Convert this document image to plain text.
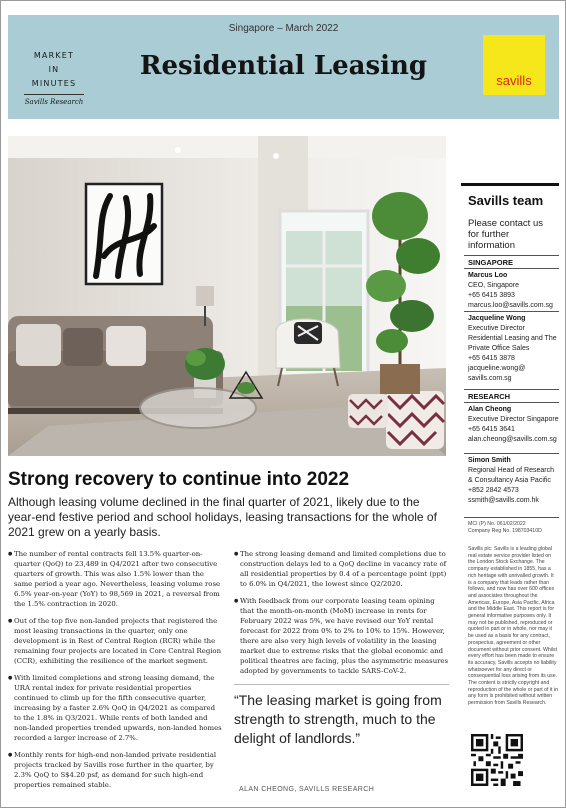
Singapore – March 2022
MARKET
IN
MINUTES
Savills Research
Residential Leasing	savills
Savills team
Please contact us for further information
SINGAPORE
Marcus Loo
CEO, Singapore
+65 6415 3893
marcus.loo@savills.com.sg
Jacqueline Wong
Executive Director Residential Leasing and The Private Office Sales
+65 6415 3878
jacqueline.wong@ savills.com.sg
RESEARCH
Alan Cheong
Executive Director Singapore
+65 6415 3641
alan.cheong@savills.com.sg
Simon Smith
Regional Head of Research & Consultancy Asia Pacific
+852 2842 4573
ssmith@savills.com.hk
MCI (P) No. 061/02/2022
Company Reg No. 198703410D
Savills plc: Savills is a leading global real estate service provider listed on the London Stock Exchange. The company established in 1855, has a rich heritage with unrivalled growth. It is a company that leads rather than follows, and now has over 600 offices and associates throughout the Americas, Europe, Asia Pacific, Africa and the Middle East. This report is for general informative purposes only. It may not be published, reproduced or quoted in part or in whole, nor may it be used as a basis for any contract, prospectus, agreement or other document without prior consent. Whilst every effort has been made to ensure its accuracy, Savills accepts no liability whatsoever for any direct or consequential loss arising from its use. The content is strictly copyright and reproduction of the whole or part of it in any form is prohibited without written permission from Savills Research.
Strong recovery to continue into 2022
Although leasing volume declined in the final quarter of 2021, likely due to the year-end festive period and school holidays, leasing transactions for the whole of 2021 grew on a yearly basis.

● The number of rental contracts fell 13.5% quarter-on-quarter (QoQ) to 23,489 in Q4/2021 after two consecutive quarters of growth. This was also 1.5% lower than the same period a year ago. Nevertheless, leasing volume rose 6.5% year-on-year (YoY) to 98,569 in 2021, a reversal from the 1.5% contraction in 2020.

● Out of the top five non-landed projects that registered the most leasing transactions in the quarter, only one development is in Rest of Central Region (RCR) while the remaining four projects are located in Core Central Region (CCR), exhibiting the resilience of the market segment.

● With limited completions and strong leasing demand, the URA rental index for private residential properties continued to climb up for the fifth consecutive quarter, increasing by a faster 2.6% QoQ in Q4/2021 as compared to the 1.8% in Q3/2021. While rents of both landed and non-landed properties trended upwards, non-landed homes recorded a larger increase of 2.7%.

● Monthly rents for high-end non-landed private residential projects tracked by Savills rose further in the quarter, by 2.3% QoQ to S$4.20 psf, as demand for such high-end properties remained stable.

● The strong leasing demand and limited completions due to construction delays led to a QoQ decline in vacancy rate of all residential properties by 0.4 of a percentage point (ppt) to 6.0% in Q4/2021, the lowest since Q2/2020.

● With feedback from our corporate leasing team opining that the month-on-month (MoM) increase in rents for February 2022 was 5%, we have revised our YoY rental forecast for 2022 from 0% to 2% to 10% to 15%. However, there are also very high levels of volatility in the leasing market due to extreme risks that the global economic and political theatres are facing, plus the asymmetric measures adopted by governments to tackle SARS-CoV-2.

“The leasing market is going from strength to strength, much to the delight of landlords.”
ALAN CHEONG, SAVILLS RESEARCH
